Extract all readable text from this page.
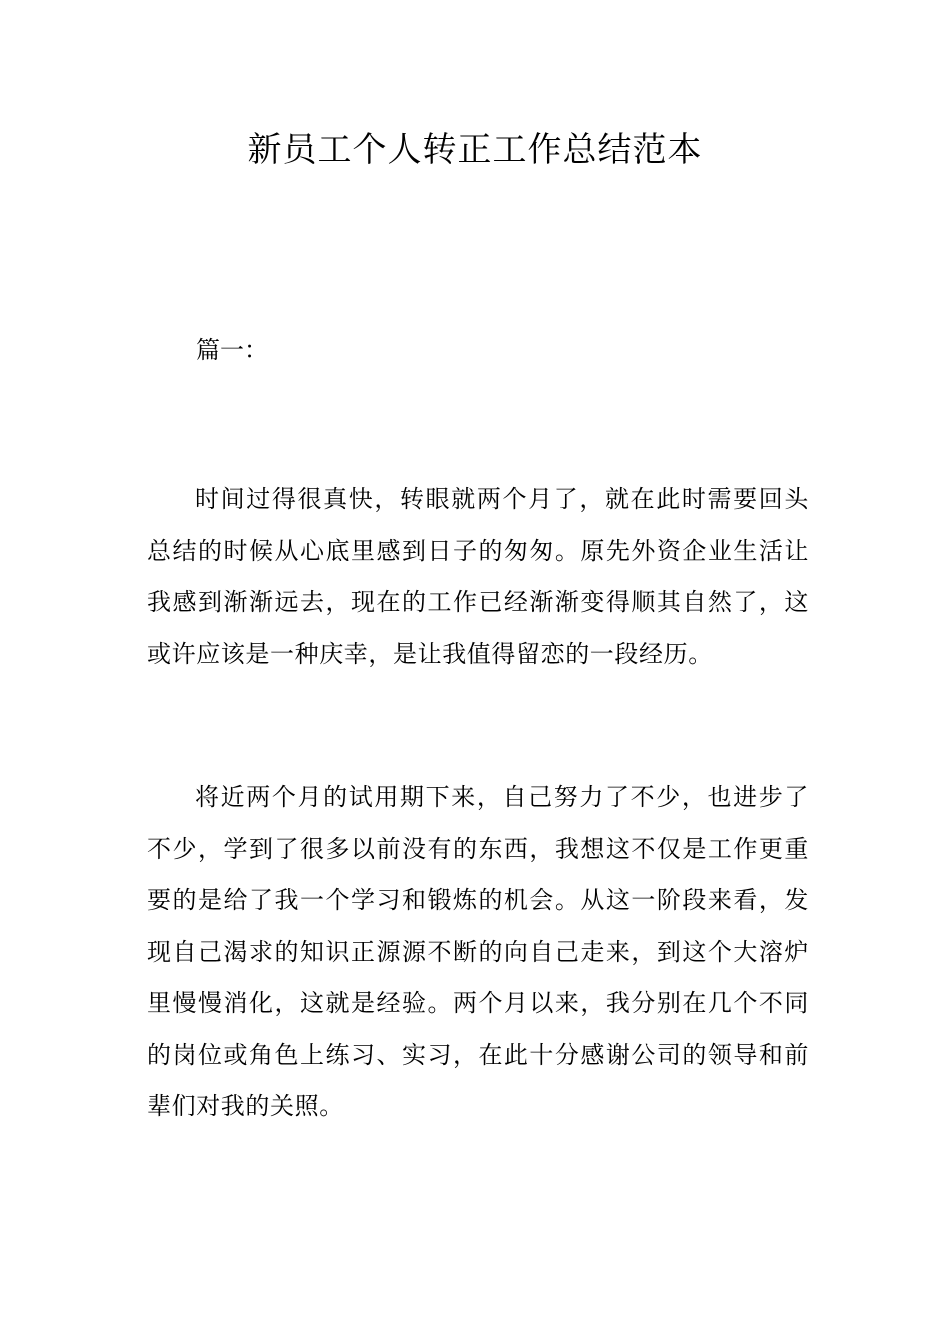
新员工个人转正工作总结范本

篇一：

时间过得很真快，转眼就两个月了，就在此时需要回头总结的时候从心底里感到日子的匆匆。原先外资企业生活让我感到渐渐远去，现在的工作已经渐渐变得顺其自然了，这或许应该是一种庆幸，是让我值得留恋的一段经历。

将近两个月的试用期下来，自己努力了不少，也进步了不少，学到了很多以前没有的东西，我想这不仅是工作更重要的是给了我一个学习和锻炼的机会。从这一阶段来看，发现自己渴求的知识正源源不断的向自己走来，到这个大溶炉里慢慢消化，这就是经验。两个月以来，我分别在几个不同的岗位或角色上练习、实习，在此十分感谢公司的领导和前辈们对我的关照。
